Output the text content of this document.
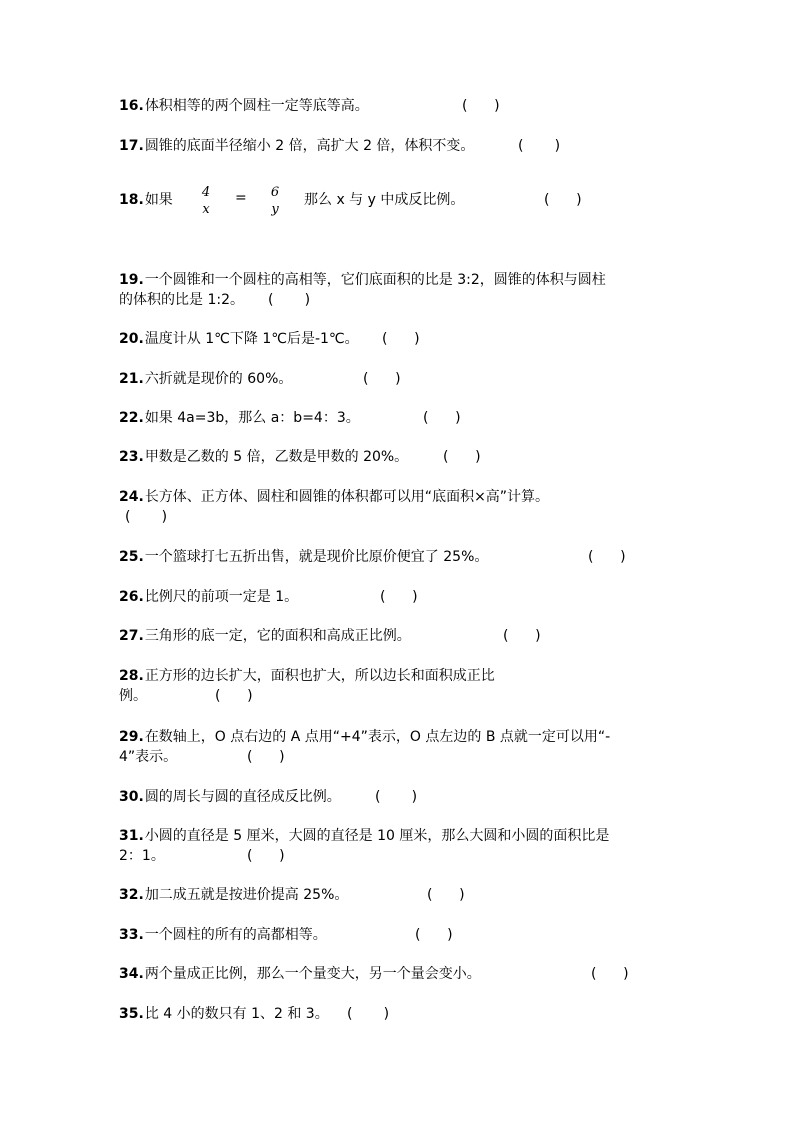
16.体积相等的两个圆柱一定等底等高。	(      )
17.圆锥的底面半径缩小 2 倍，高扩大 2 倍，体积不变。	(       )
18.如果 4
x
= 6
y
那么 x 与 y 中成反比例。	(      )
19.一个圆锥和一个圆柱的高相等，它们底面积的比是 3:2，圆锥的体积与圆柱
的体积的比是 1:2。 (       )
20.温度计从 1℃下降 1℃后是-1℃。 (      )
21.六折就是现价的 60%。	(      )
22.如果 4a=3b，那么 a：b=4：3。	(      )
23.甲数是乙数的 5 倍，乙数是甲数的 20%。 (      )
24.长方体、正方体、圆柱和圆锥的体积都可以用“底面积×高”计算。
(       )
25.一个篮球打七五折出售，就是现价比原价便宜了 25%。	(      )
26.比例尺的前项一定是 1。	(      )
27.三角形的底一定，它的面积和高成正比例。	(      )
28.正方形的边长扩大，面积也扩大，所以边长和面积成正比
例。	(      )
29.在数轴上，O 点右边的 A 点用“+4”表示，O 点左边的 B 点就一定可以用“-
4”表示。	(      )
30.圆的周长与圆的直径成反比例。 (       )
31.小圆的直径是 5 厘米，大圆的直径是 10 厘米，那么大圆和小圆的面积比是
2：1。	(      )
32.加二成五就是按进价提高 25%。	(      )
33.一个圆柱的所有的高都相等。	(      )
34.两个量成正比例，那么一个量变大，另一个量会变小。	(      )
35.比 4 小的数只有 1、2 和 3。 (       )
